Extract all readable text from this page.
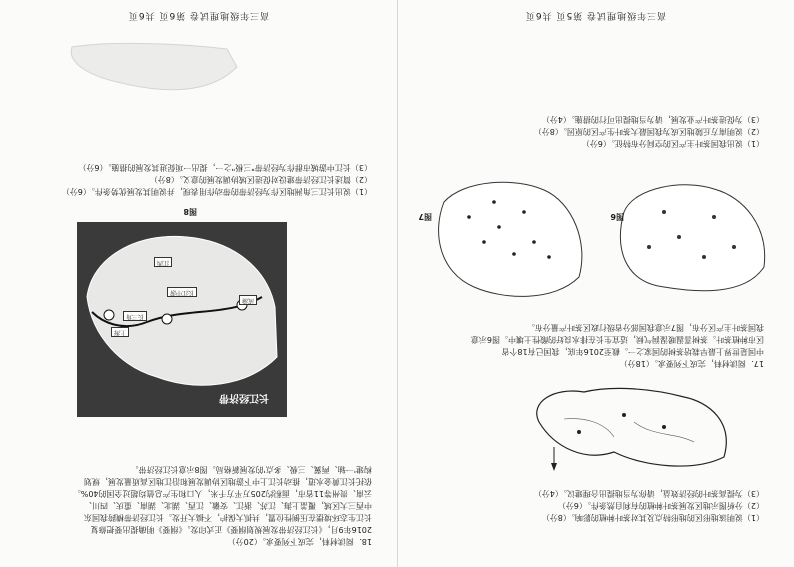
（1）说明该地形区的地形特点及其对茶叶种植的影响。（8分）

（2）分析图示地区发展茶叶种植的有利自然条件。（6分）

（3）为提高茶叶的经济效益，请你为当地提出合理建议。（4分）

17．阅读材料，完成下列要求。（18分）

中国是世界上最早栽培茶树的国家之一。截至2016年底，我国已有18个省

区市种植茶叶。茶树喜温暖湿润气候，适宜生长在排水良好的酸性土壤中。图6示意

我国茶叶主产区分布，图7示意我国部分省级行政区茶叶产量分布。

图6
图7

（1）说出我国茶叶主产区的空间分布特征。（6分）

（2）说明南方丘陵地区成为我国最大茶叶生产区的原因。（8分）

（3）为促进茶叶产业发展，请为当地提出可行的措施。（4分）

高三年级地理试卷 第5页 共6页

18．阅读材料，完成下列要求。（20分）

2016年9月，《长江经济带发展规划纲要》正式印发。《纲要》明确提出要把修复

长江生态环境摆在压倒性位置，共抓大保护，不搞大开发。长江经济带横跨我国东

中西三大区域，覆盖上海、江苏、浙江、安徽、江西、湖北、湖南、重庆、四川、

云南、贵州等11省市，面积约205万平方千米，人口和生产总值均超过全国的40%。

依托长江黄金水道，推动长江上中下游地区协调发展和沿江地区高质量发展，规划

构建'一轴、两翼、三极、多点'的发展新格局。图8示意长江经济带。

上海
长三角
成渝
长江中游
江西
长江经济带
图8

（1）说出长江三角洲地区作为经济带的带动作用表现，并说明其发展优势条件。（6分）

（2）简述长江经济带建设对促进区域协调发展的意义。（8分）

（3）长江中游城市群作为经济带"三极"之一，提出一项促进其发展的措施。（6分）

高三年级地理试卷 第6页 共6页
